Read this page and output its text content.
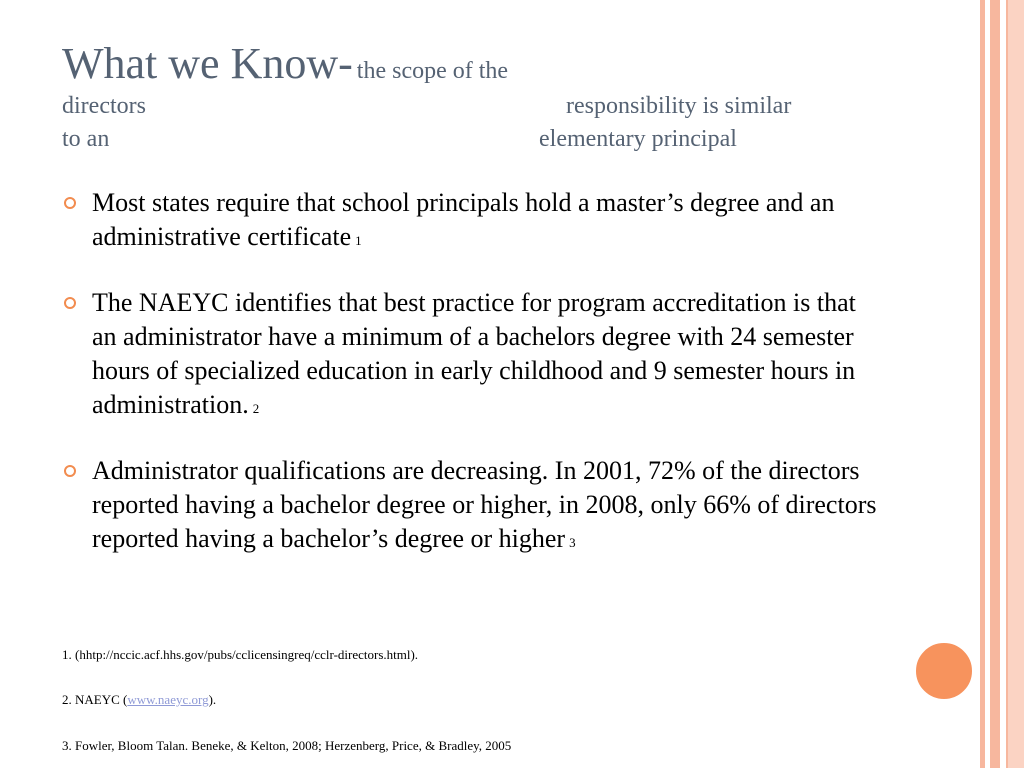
What we Know- the scope of the
directors	responsibility is similar
to an	elementary principal
Most states require that school principals hold a master’s degree and an administrative certificate 1
The NAEYC identifies that best practice for program accreditation is that an administrator have a minimum of a bachelors degree with 24 semester hours of specialized education in early childhood and 9 semester hours in administration. 2
Administrator qualifications are decreasing. In 2001, 72% of the directors reported having a bachelor degree or higher, in 2008, only 66% of directors reported having a bachelor’s degree or higher 3
1. (hhtp://nccic.acf.hhs.gov/pubs/cclicensingreq/cclr-directors.html).
2. NAEYC (www.naeyc.org).
3. Fowler, Bloom Talan. Beneke, & Kelton, 2008; Herzenberg, Price, & Bradley, 2005
